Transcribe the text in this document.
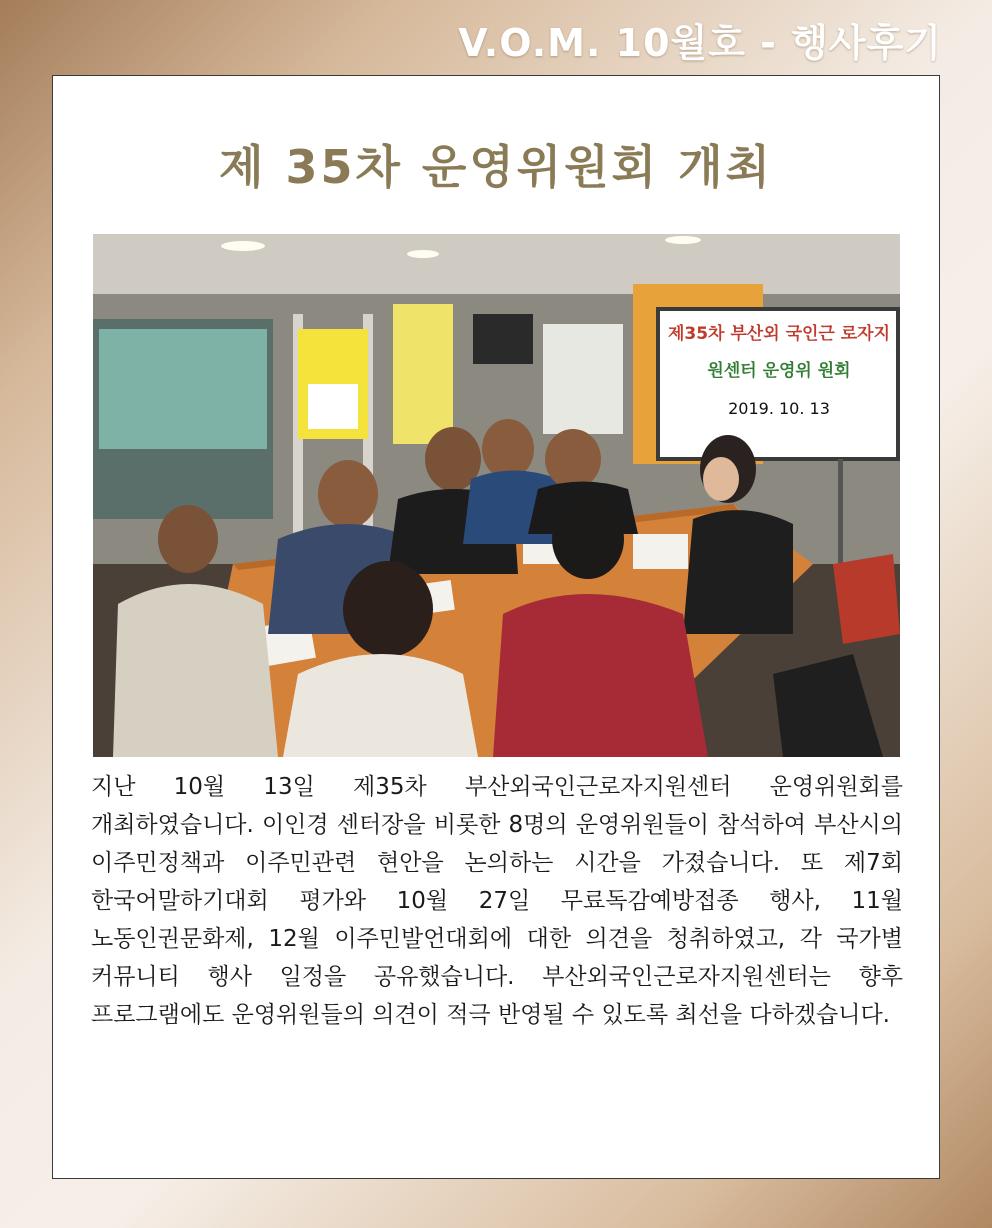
V.O.M. 10월호 - 행사후기
제 35차 운영위원회 개최
제35차 부산외 국인근 로자지
원센터 운영위 원회
2019. 10. 13
지난 10월 13일 제35차 부산외국인근로자지원센터 운영위원회를 개최하였습니다. 이인경 센터장을 비롯한 8명의 운영위원들이 참석하여 부산시의 이주민정책과 이주민관련 현안을 논의하는 시간을 가졌습니다. 또 제7회 한국어말하기대회 평가와 10월 27일 무료독감예방접종 행사, 11월 노동인권문화제, 12월 이주민발언대회에 대한 의견을 청취하였고, 각 국가별 커뮤니티 행사 일정을 공유했습니다. 부산외국인근로자지원센터는 향후 프로그램에도 운영위원들의 의견이 적극 반영될 수 있도록 최선을 다하겠습니다.
